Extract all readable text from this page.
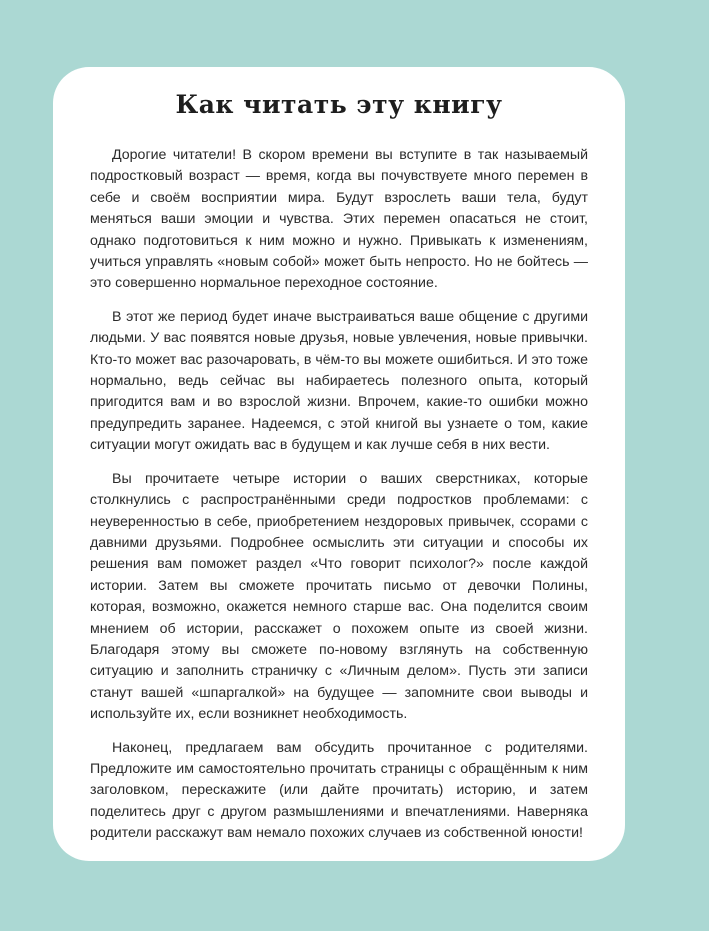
Как читать эту книгу

Дорогие читатели! В скором времени вы вступите в так называемый подростковый возраст — время, когда вы почувствуете много перемен в себе и своём восприятии мира. Будут взрослеть ваши тела, будут меняться ваши эмоции и чувства. Этих перемен опасаться не стоит, однако подготовиться к ним можно и нужно. Привыкать к изменениям, учиться управлять «новым собой» может быть непросто. Но не бойтесь — это совершенно нормальное переходное состояние.

В этот же период будет иначе выстраиваться ваше общение с другими людьми. У вас появятся новые друзья, новые увлечения, новые привычки. Кто-то может вас разочаровать, в чём-то вы можете ошибиться. И это тоже нормально, ведь сейчас вы набираетесь полезного опыта, который пригодится вам и во взрослой жизни. Впрочем, какие-то ошибки можно предупредить заранее. Надеемся, с этой книгой вы узнаете о том, какие ситуации могут ожидать вас в будущем и как лучше себя в них вести.

Вы прочитаете четыре истории о ваших сверстниках, которые столкнулись с распространёнными среди подростков проблемами: с неуверенностью в себе, приобретением нездоровых привычек, ссорами с давними друзьями. Подробнее осмыслить эти ситуации и способы их решения вам поможет раздел «Что говорит психолог?» после каждой истории. Затем вы сможете прочитать письмо от девочки Полины, которая, возможно, окажется немного старше вас. Она поделится своим мнением об истории, расскажет о похожем опыте из своей жизни. Благодаря этому вы сможете по-новому взглянуть на собственную ситуацию и заполнить страничку с «Личным делом». Пусть эти записи станут вашей «шпаргалкой» на будущее — запомните свои выводы и используйте их, если возникнет необходимость.

Наконец, предлагаем вам обсудить прочитанное с родителями. Предложите им самостоятельно прочитать страницы с обращённым к ним заголовком, перескажите (или дайте прочитать) историю, и затем поделитесь друг с другом размышлениями и впечатлениями. Наверняка родители расскажут вам немало похожих случаев из собственной юности!
